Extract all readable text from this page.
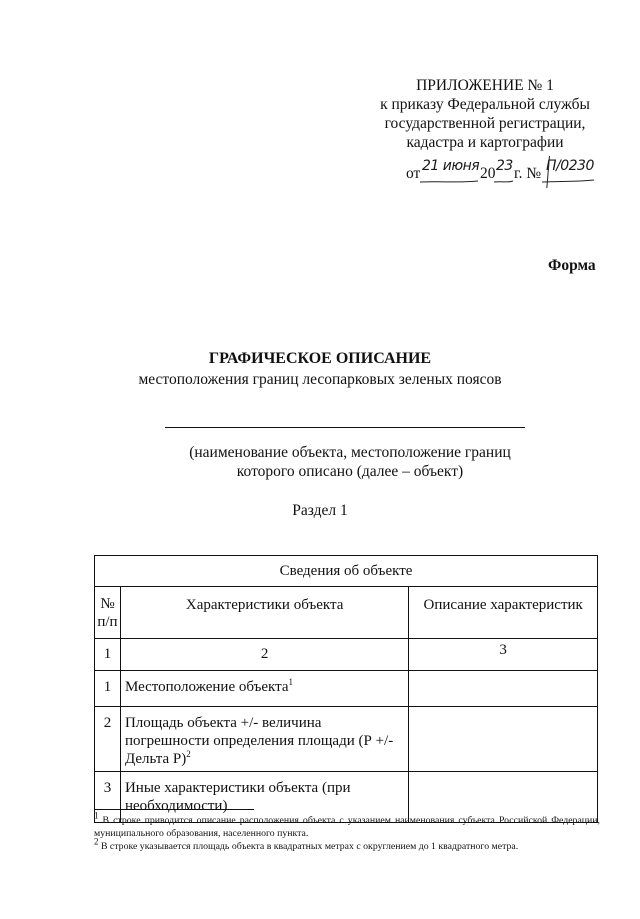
ПРИЛОЖЕНИЕ № 1
к приказу Федеральной службы
государственной регистрации,
кадастра и картографии
от 21 июня 20 23 г. № П/0230
Форма
ГРАФИЧЕСКОЕ ОПИСАНИЕ
местоположения границ лесопарковых зеленых поясов
(наименование объекта, местоположение границ
которого описано (далее – объект)
Раздел 1
Сведения об объекте		

№
п/п	Характеристики объекта	Описание характеристик
1	2	3
1	Местоположение объекта$^1$	
2	Площадь объекта +/- величина погрешности определения площади (Р +/- Дельта Р)$^2$	
3	Иные характеристики объекта (при необходимости)	

$^1$ В строке приводится описание расположения объекта с указанием наименования субъекта Российской Федерации, муниципального образования, населенного пункта.

$^2$ В строке указывается площадь объекта в квадратных метрах с округлением до 1 квадратного метра.
